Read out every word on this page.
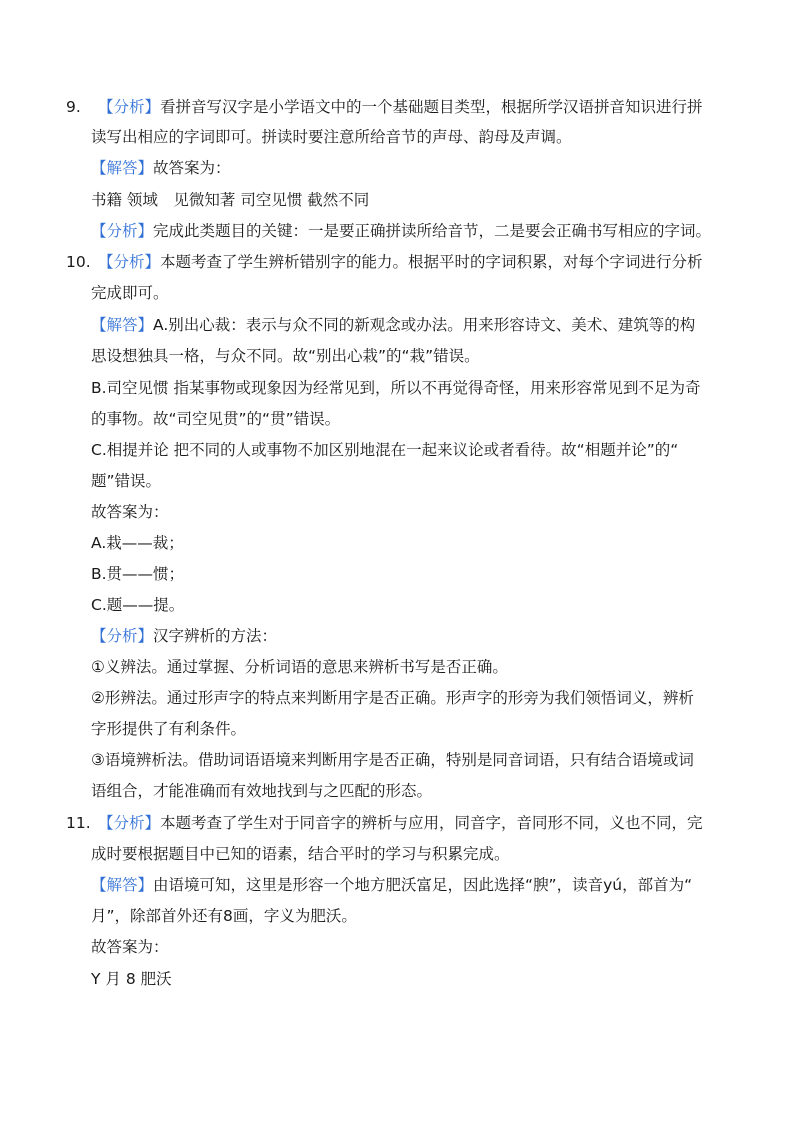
9. 【分析】看拼音写汉字是小学语文中的一个基础题目类型，根据所学汉语拼音知识进行拼
读写出相应的字词即可。拼读时要注意所给音节的声母、韵母及声调。
【解答】故答案为：
书籍 领域　见微知著 司空见惯 截然不同
【分析】完成此类题目的关键：一是要正确拼读所给音节，二是要会正确书写相应的字词。
10. 【分析】本题考查了学生辨析错别字的能力。根据平时的字词积累，对每个字词进行分析
完成即可。
【解答】A.别出心裁：表示与众不同的新观念或办法。用来形容诗文、美术、建筑等的构
思设想独具一格，与众不同。故“别出心栽”的“栽”错误。
B.司空见惯 指某事物或现象因为经常见到，所以不再觉得奇怪，用来形容常见到不足为奇
的事物。故“司空见贯”的“贯”错误。
C.相提并论 把不同的人或事物不加区别地混在一起来议论或者看待。故“相题并论”的“
题”错误。
故答案为：
A.栽——裁；
B.贯——惯；
C.题——提。
【分析】汉字辨析的方法：
①义辨法。通过掌握、分析词语的意思来辨析书写是否正确。
②形辨法。通过形声字的特点来判断用字是否正确。形声字的形旁为我们领悟词义，辨析
字形提供了有利条件。
③语境辨析法。借助词语语境来判断用字是否正确，特别是同音词语，只有结合语境或词
语组合，才能准确而有效地找到与之匹配的形态。
11. 【分析】本题考查了学生对于同音字的辨析与应用，同音字，音同形不同，义也不同，完
成时要根据题目中已知的语素，结合平时的学习与积累完成。
【解答】由语境可知，这里是形容一个地方肥沃富足，因此选择“腴”，读音yú，部首为“
月”，除部首外还有8画，字义为肥沃。
故答案为：
Y 月 8 肥沃
